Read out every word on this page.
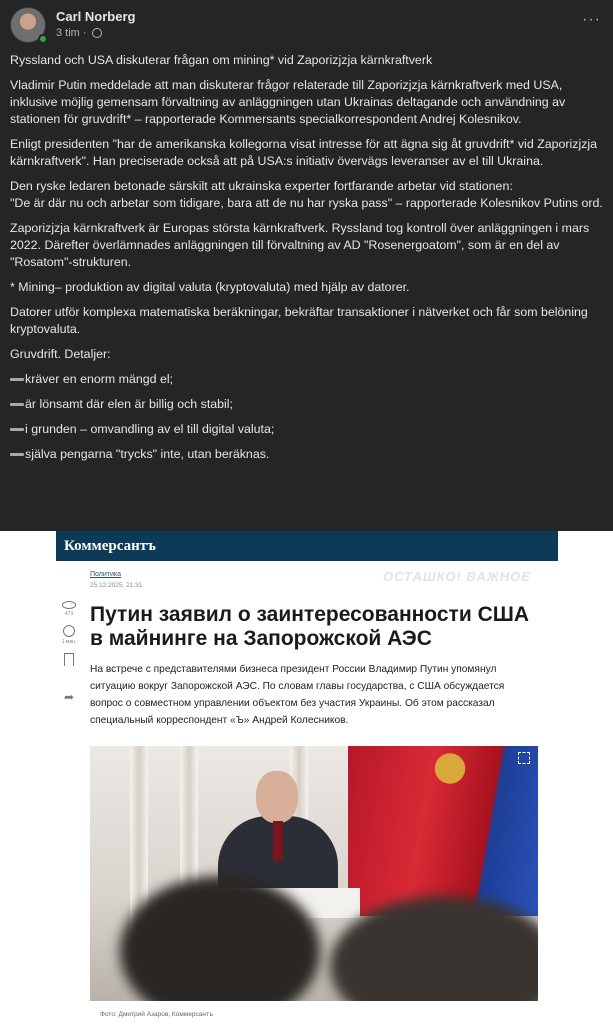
Carl Norberg
3 tim ·
···

Ryssland och USA diskuterar frågan om mining* vid Zaporizjzja kärnkraftverk

Vladimir Putin meddelade att man diskuterar frågor relaterade till Zaporizjzja kärnkraftverk med USA, inklusive möjlig gemensam förvaltning av anläggningen utan Ukrainas deltagande och användning av stationen för gruvdrift* – rapporterade Kommersants specialkorrespondent Andrej Kolesnikov.

Enligt presidenten "har de amerikanska kollegorna visat intresse för att ägna sig åt gruvdrift* vid Zaporizjzja kärnkraftverk". Han preciserade också att på USA:s initiativ övervägs leveranser av el till Ukraina.

Den ryske ledaren betonade särskilt att ukrainska experter fortfarande arbetar vid stationen:
"De är där nu och arbetar som tidigare, bara att de nu har ryska pass" – rapporterade Kolesnikov Putins ord.

Zaporizjzja kärnkraftverk är Europas största kärnkraftverk. Ryssland tog kontroll över anläggningen i mars 2022. Därefter överlämnades anläggningen till förvaltning av AD "Rosenergoatom", som är en del av "Rosatom"-strukturen.

* Mining– produktion av digital valuta (kryptovaluta) med hjälp av datorer.

Datorer utför komplexa matematiska beräkningar, bekräftar transaktioner i nätverket och får som belöning kryptovaluta.

Gruvdrift. Detaljer:

kräver en enorm mängd el;

är lönsamt där elen är billig och stabil;

i grunden – omvandling av el till digital valuta;

själva pengarna "trycks" inte, utan beräknas.

Коммерсантъ
Политика
25.12.2025, 21:31
ОСТАШКО! ВАЖНОЕ
473
1 мин.
➦
Путин заявил о заинтересованности США в майнинге на Запорожской АЭС
На встрече с представителями бизнеса президент России Владимир Путин упомянул ситуацию вокруг Запорожской АЭС. По словам главы государства, с США обсуждается вопрос о совместном управлении объектом без участия Украины. Об этом рассказал специальный корреспондент «Ъ» Андрей Колесников.
Фото: Дмитрий Азаров, Коммерсантъ
